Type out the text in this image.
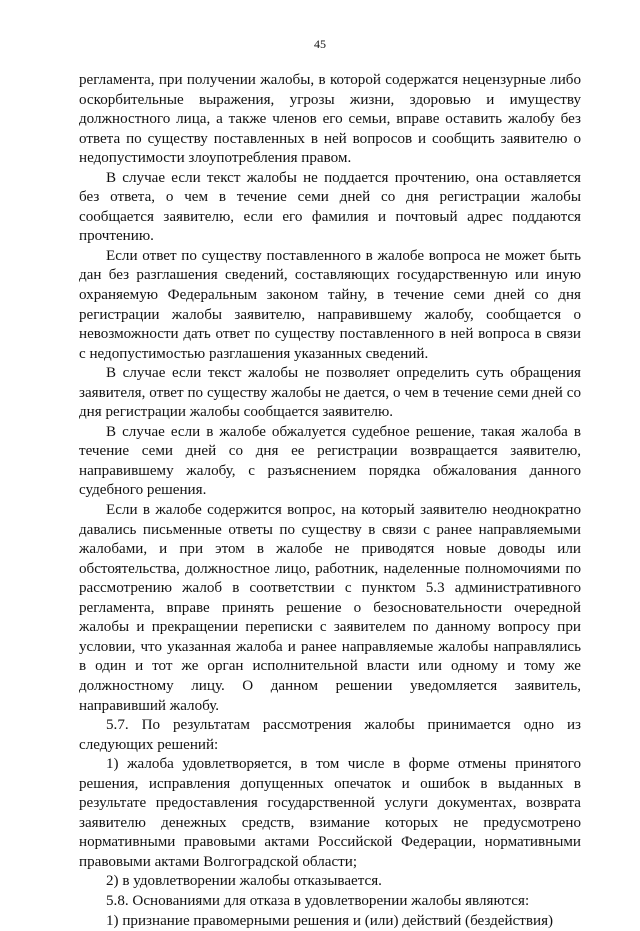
45

регламента, при получении жалобы, в которой содержатся нецензурные либо оскорбительные выражения, угрозы жизни, здоровью и имуществу должностного лица, а также членов его семьи, вправе оставить жалобу без ответа по существу поставленных в ней вопросов и сообщить заявителю о недопустимости злоупотребления правом.

В случае если текст жалобы не поддается прочтению, она оставляется без ответа, о чем в течение семи дней со дня регистрации жалобы сообщается заявителю, если его фамилия и почтовый адрес поддаются прочтению.

Если ответ по существу поставленного в жалобе вопроса не может быть дан без разглашения сведений, составляющих государственную или иную охраняемую Федеральным законом тайну, в течение семи дней со дня регистрации жалобы заявителю, направившему жалобу, сообщается о невозможности дать ответ по существу поставленного в ней вопроса в связи с недопустимостью разглашения указанных сведений.

В случае если текст жалобы не позволяет определить суть обращения заявителя, ответ по существу жалобы не дается, о чем в течение семи дней со дня регистрации жалобы сообщается заявителю.

В случае если в жалобе обжалуется судебное решение, такая жалоба в течение семи дней со дня ее регистрации возвращается заявителю, направившему жалобу, с разъяснением порядка обжалования данного судебного решения.

Если в жалобе содержится вопрос, на который заявителю неоднократно давались письменные ответы по существу в связи с ранее направляемыми жалобами, и при этом в жалобе не приводятся новые доводы или обстоятельства, должностное лицо, работник, наделенные полномочиями по рассмотрению жалоб в соответствии с пунктом 5.3 административного регламента, вправе принять решение о безосновательности очередной жалобы и прекращении переписки с заявителем по данному вопросу при условии, что указанная жалоба и ранее направляемые жалобы направлялись в один и тот же орган исполнительной власти или одному и тому же должностному лицу. О данном решении уведомляется заявитель, направивший жалобу.

5.7. По результатам рассмотрения жалобы принимается одно из следующих решений:

1) жалоба удовлетворяется, в том числе в форме отмены принятого решения, исправления допущенных опечаток и ошибок в выданных в результате предоставления государственной услуги документах, возврата заявителю денежных средств, взимание которых не предусмотрено нормативными правовыми актами Российской Федерации, нормативными правовыми актами Волгоградской области;

2) в удовлетворении жалобы отказывается.

5.8. Основаниями для отказа в удовлетворении жалобы являются:

1) признание правомерными решения и (или) действий (бездействия)
